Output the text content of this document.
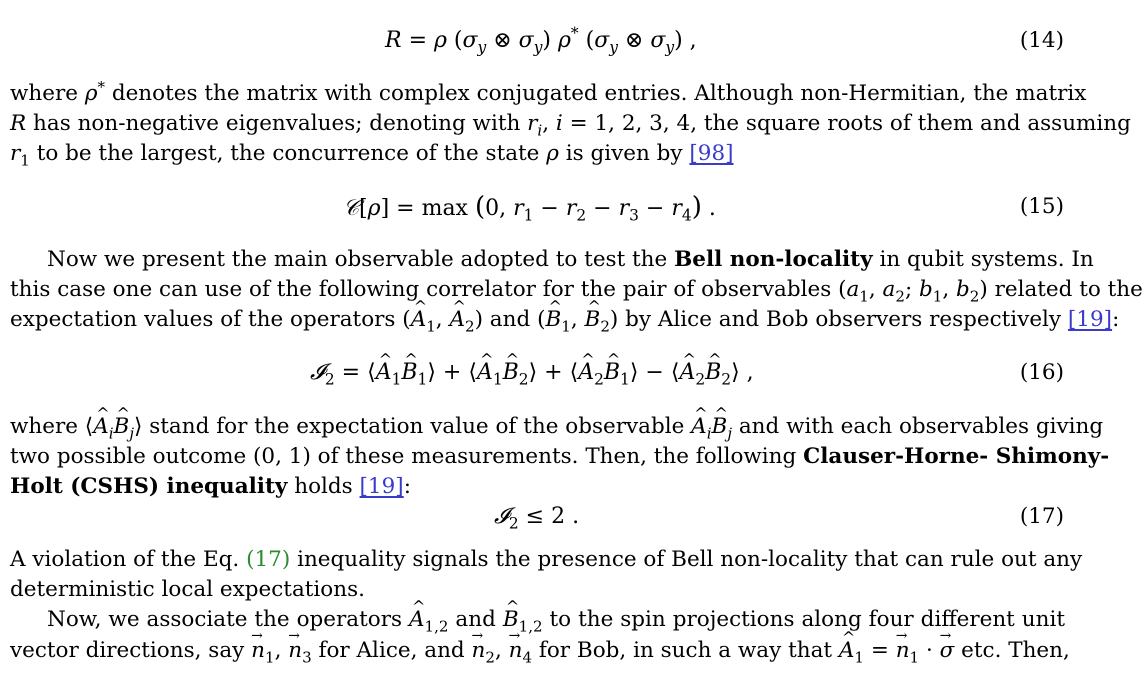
R = ρ ($\sigma_y$ ⊗ $\sigma_y$) ρ* ($\sigma_y$ ⊗ $\sigma_y$) ,	(14)
where ρ* denotes the matrix with complex conjugated entries. Although non-Hermitian, the matrix
R has non-negative eigenvalues; denoting with $r_i$, i = 1, 2, 3, 4, the square roots of them and assuming
$r_1$ to be the largest, the concurrence of the state ρ is given by [98]
𝒞[ρ] = max (0, $r_1 - r_2 - r_3 - r_4$) .	(15)
Now we present the main observable adopted to test the Bell non-locality in qubit systems. In
this case one can use of the following correlator for the pair of observables ($a_1$, $a_2$; $b_1$, $b_2$) related to the
expectation values of the operators (^ $A_1$, ^ $A_2$) and (^ $B_1$, ^ $B_2$) by Alice and Bob observers respectively [19]:
𝓘$_2$ = ⟨^ $A_1\^{}$ $B_1⟩$ + ⟨^ $A_1\^{}$ $B_2⟩$ + ⟨^ $A_2\^{}$ $B_1⟩$ − ⟨^ $A_2\^{}$ $B_2⟩$ ,	(16)
where ⟨^ $A_i\^{}$ $B_j⟩$ stand for the expectation value of the observable ^ $A_i\^{}$ $B_j$ and with each observables giving
two possible outcome (0, 1) of these measurements. Then, the following Clauser-Horne- Shimony-
Holt (CSHS) inequality holds [19]:
𝓘$_2$ ≤ 2 .	(17)
A violation of the Eq. (17) inequality signals the presence of Bell non-locality that can rule out any
deterministic local expectations.
Now, we associate the operators ^ $A_{1,2}$ and ^ $B_{1,2}$ to the spin projections along four different unit
vector directions, say → $n_1$, → $n_3$ for Alice, and → $n_2$, → $n_4$ for Bob, in such a way that ^ $A_1$ = → $n_1$ · → σ etc. Then,
